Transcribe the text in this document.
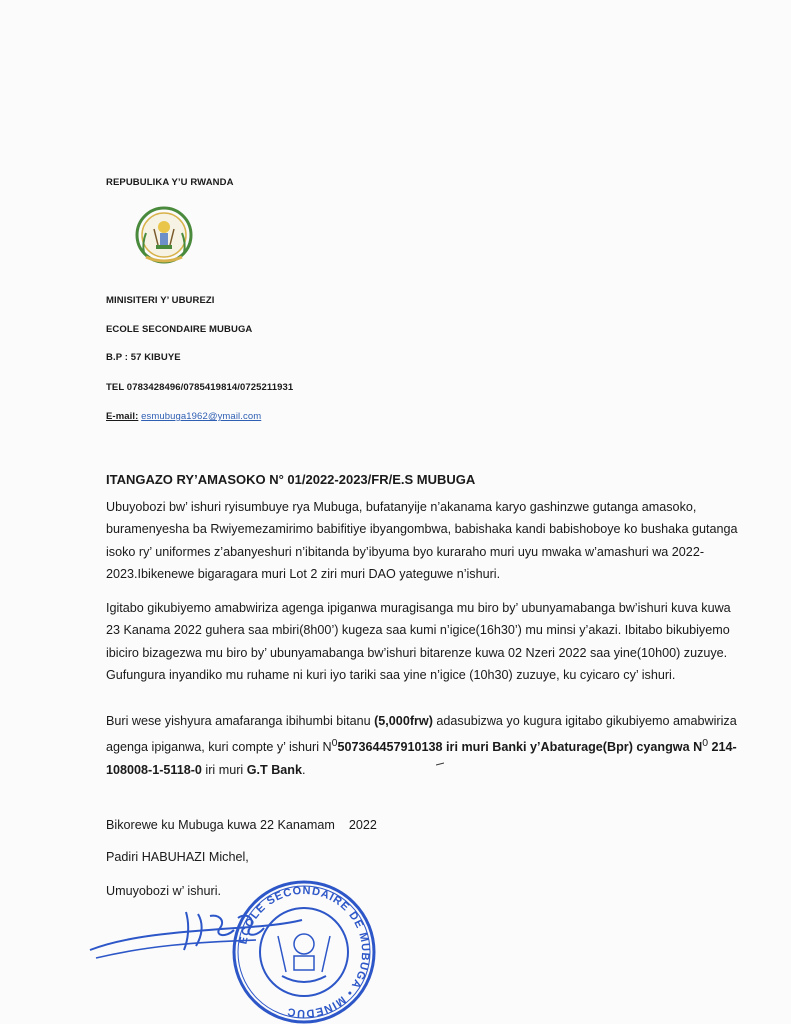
REPUBULIKA Y’U RWANDA
MINISITERI Y’ UBUREZI
ECOLE SECONDAIRE MUBUGA
B.P : 57 KIBUYE
TEL 0783428496/0785419814/0725211931
E-mail: esmubuga1962@ymail.com
ITANGAZO RY’AMASOKO N° 01/2022-2023/FR/E.S MUBUGA
Ubuyobozi bw’ ishuri ryisumbuye rya Mubuga, bufatanyije n’akanama karyo gashinzwe gutanga amasoko, buramenyesha ba Rwiyemezamirimo babifitiye ibyangombwa, babishaka kandi babishoboye ko bushaka gutanga isoko ry’ uniformes z’abanyeshuri n’ibitanda by’ibyuma byo kuraraho muri uyu mwaka w’amashuri wa 2022-2023.Ibikenewe bigaragara muri Lot 2 ziri muri DAO yateguwe n’ishuri.
Igitabo gikubiyemo amabwiriza agenga ipiganwa muragisanga mu biro by’ ubunyamabanga bw’ishuri kuva kuwa 23 Kanama 2022 guhera saa mbiri(8h00’) kugeza saa kumi n’igice(16h30’) mu minsi y’akazi. Ibitabo bikubiyemo ibiciro bizagezwa mu biro by’ ubunyamabanga bw’ishuri bitarenze kuwa 02 Nzeri 2022 saa yine(10h00) zuzuye. Gufungura inyandiko mu ruhame ni kuri iyo tariki saa yine n’igice (10h30) zuzuye, ku cyicaro cy’ ishuri.
Buri wese yishyura amafaranga ibihumbi bitanu (5,000frw) adasubizwa yo kugura igitabo gikubiyemo amabwiriza agenga ipiganwa, kuri compte y’ ishuri $N^0507364457910138$ iri muri Banki y’Abaturage(Bpr) cyangwa $N^0$ 214-108008-1-5118-0 iri muri G.T Bank.
Bikorewe ku Mubuga kuwa 22 Kanamam    2022
Padiri HABUHAZI Michel,
Umuyobozi w’ ishuri.
ECOLE SECONDAIRE DE MUBUGA • MINEDUC
